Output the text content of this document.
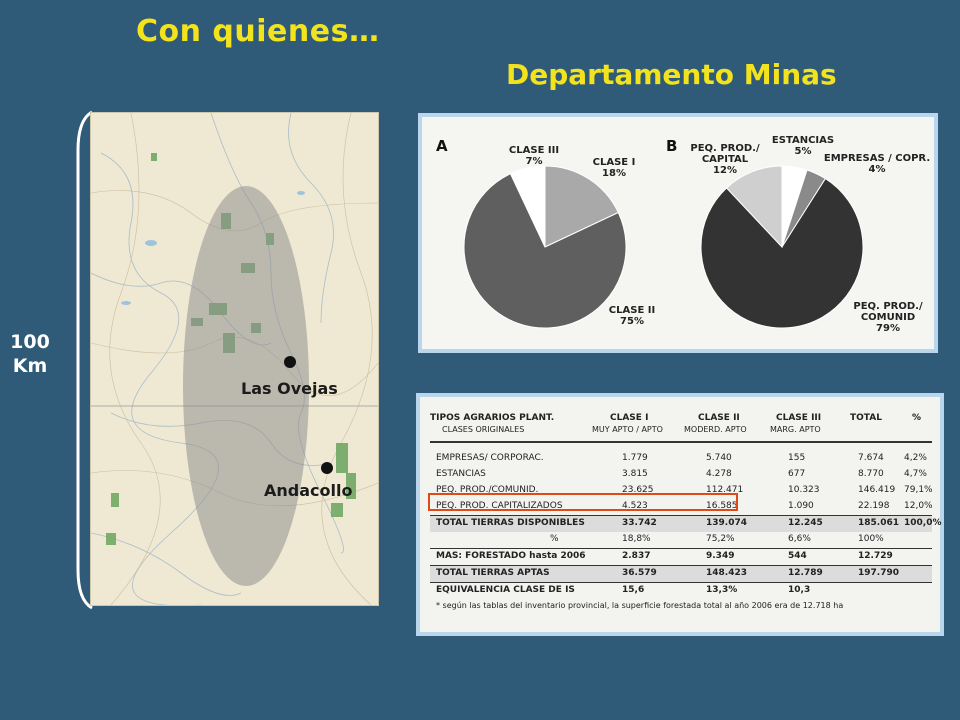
Con quienes…
Departamento Minas
100
Km
Las Ovejas
Andacollo
A	B
CLASE III
7%	CLASE I
18%
CLASE II
75%
PEQ. PROD./ CAPITAL
12%
ESTANCIAS
5%
EMPRESAS / COPR.
4%
PEQ. PROD./ COMUNID
79%
TIPOS AGRARIOS PLANT.
CLASES ORIGINALES
CLASE I
MUY APTO / APTO
CLASE II
MODERD. APTO
CLASE III
MARG. APTO
TOTAL	%
EMPRESAS/ CORPORAC.	1.779	5.740	155	7.674 4,2%
ESTANCIAS	3.815	4.278	677	8.770 4,7%
PEQ. PROD./COMUNID.	23.625	112.471	10.323	146.419 79,1%
PEQ. PROD. CAPITALIZADOS	4.523	16.585	1.090	22.198 12,0%
TOTAL TIERRAS DISPONIBLES	33.742	139.074	12.245	185.061 100,0%
%	18,8%	75,2%	6,6%	100%
MAS: FORESTADO hasta 2006	2.837	9.349	544	12.729
TOTAL TIERRAS APTAS	36.579	148.423	12.789	197.790
EQUIVALENCIA CLASE DE IS	15,6	13,3%	10,3
* según las tablas del inventario provincial, la superficie forestada total al año 2006 era de 12.718 ha
